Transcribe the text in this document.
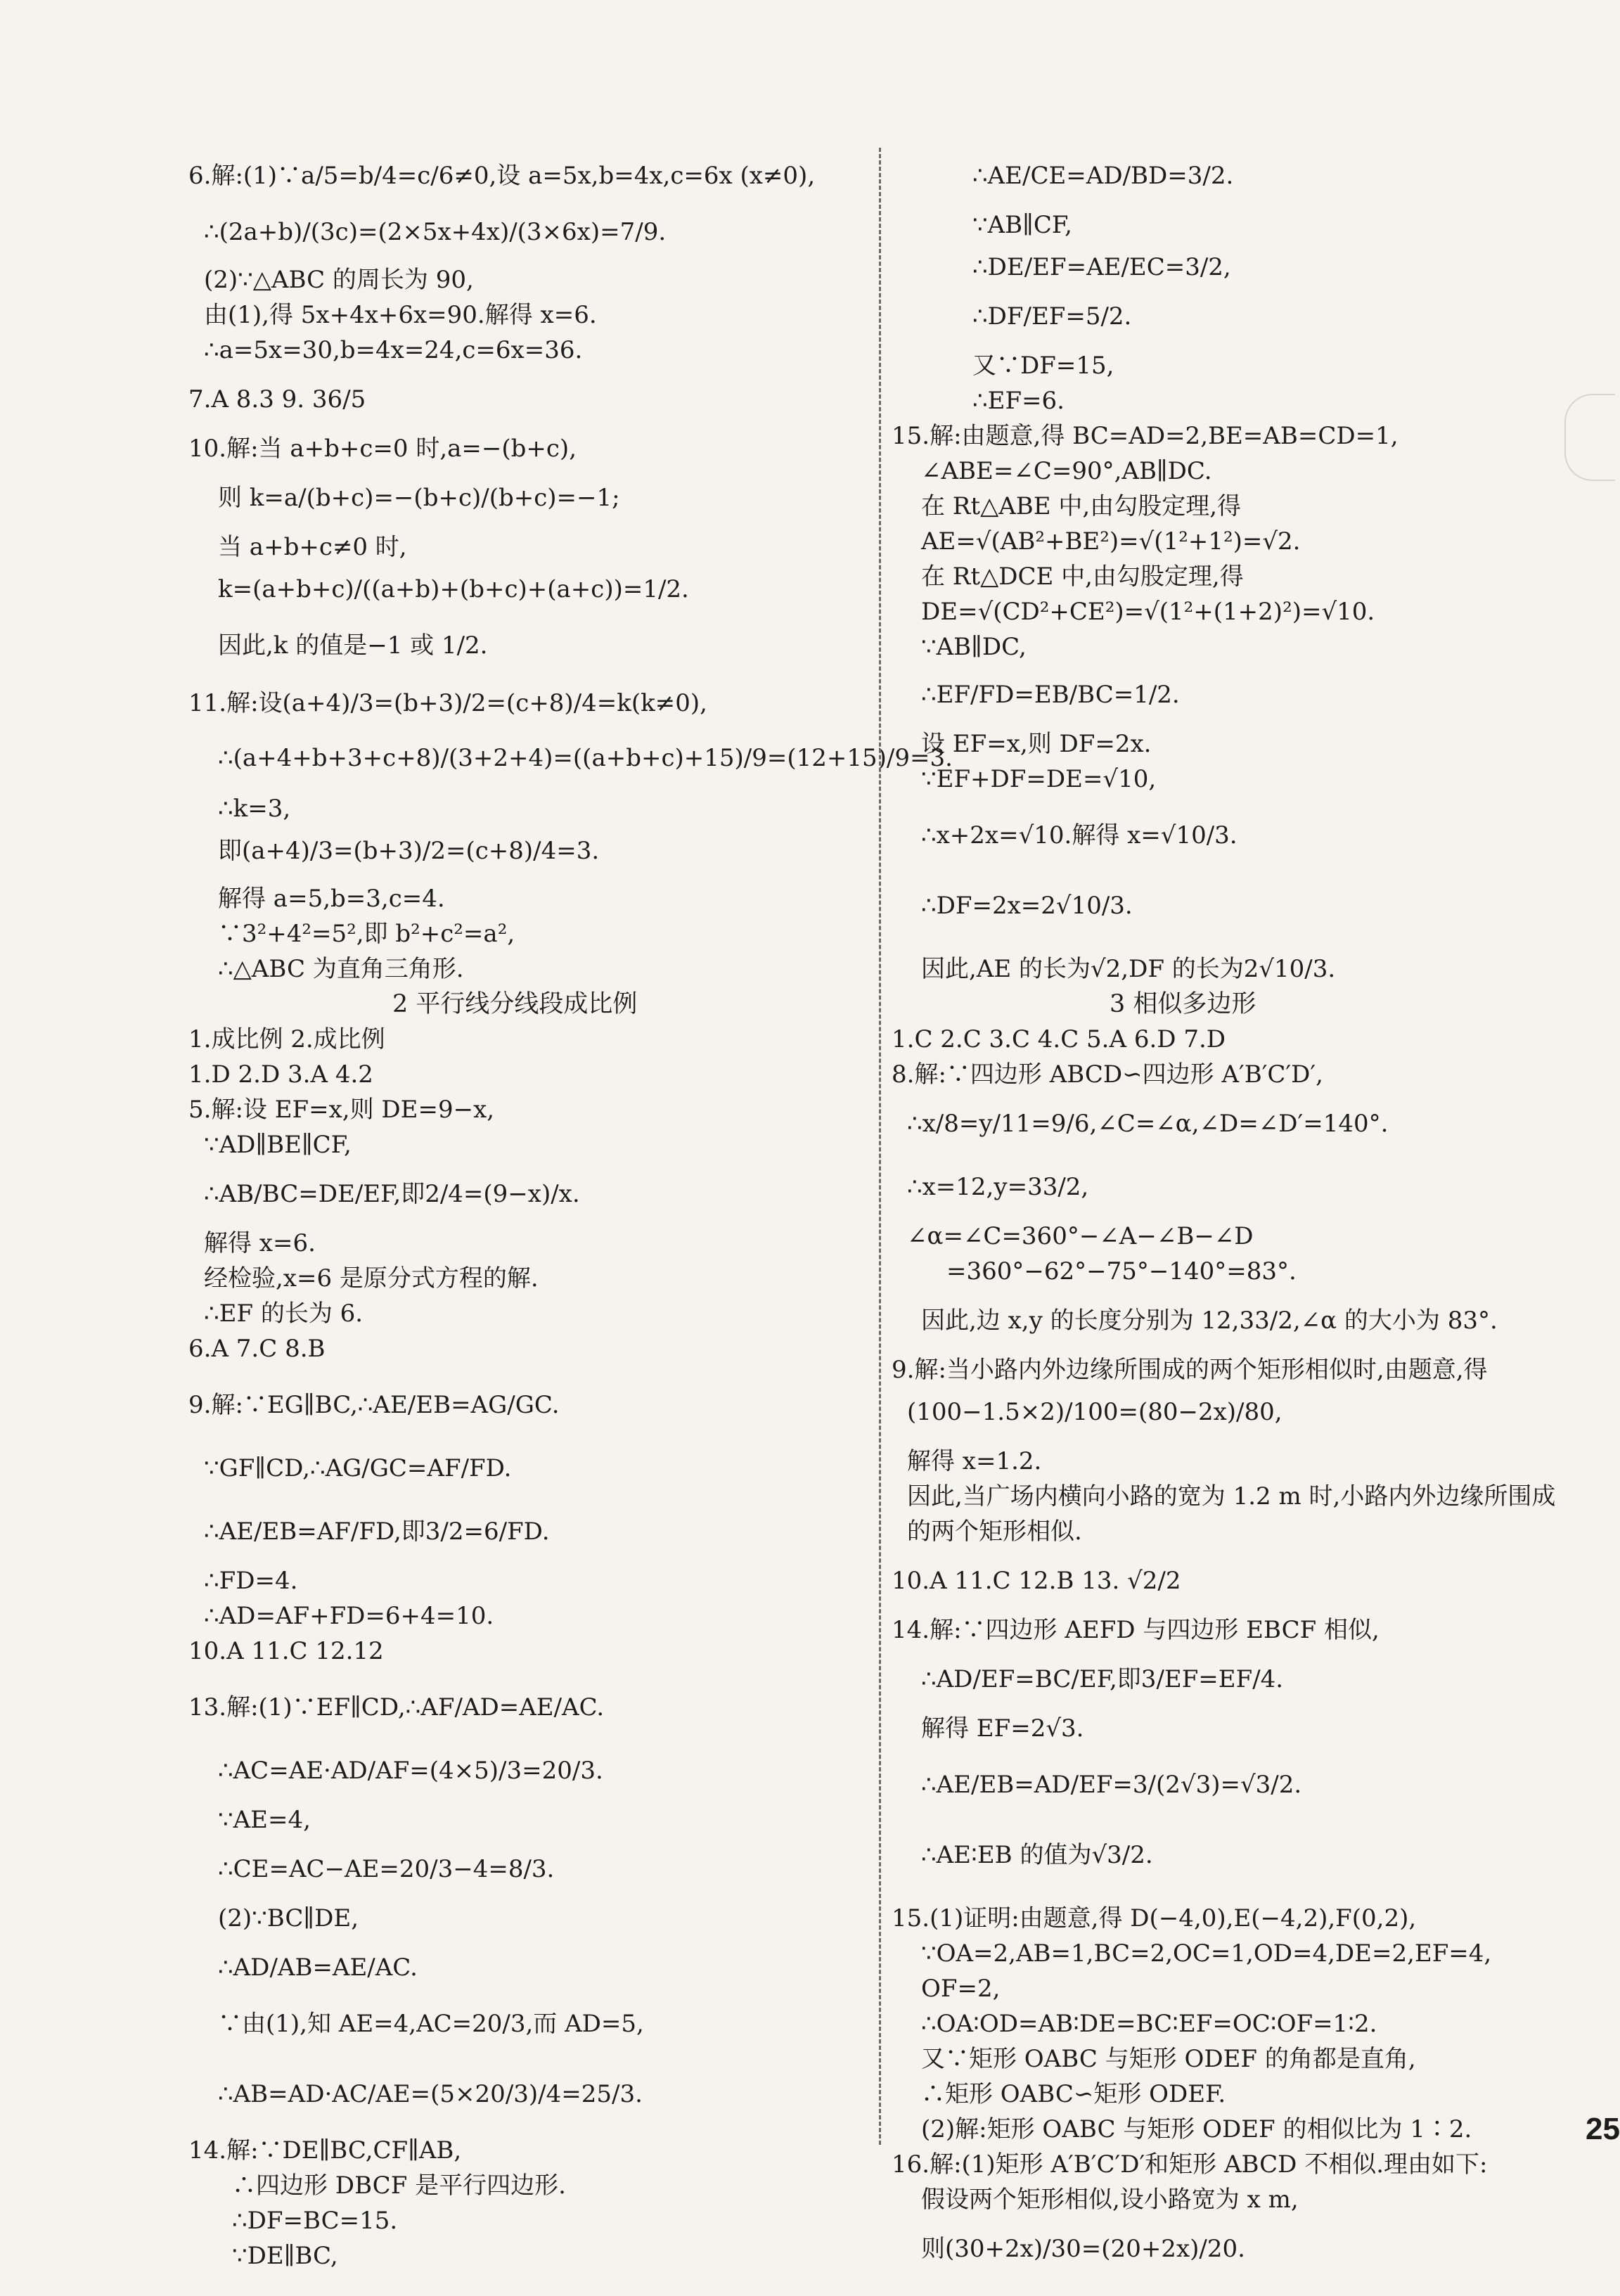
6.解:(1)∵a/5=b/4=c/6≠0,设 a=5x,b=4x,c=6x (x≠0),
∴(2a+b)/(3c)=(2×5x+4x)/(3×6x)=7/9.
(2)∵△ABC 的周长为 90,
由(1),得 5x+4x+6x=90.解得 x=6.
∴a=5x=30,b=4x=24,c=6x=36.
7.A 8.3 9. 36/5
10.解:当 a+b+c=0 时,a=−(b+c),
则 k=a/(b+c)=−(b+c)/(b+c)=−1;
当 a+b+c≠0 时,
k=(a+b+c)/((a+b)+(b+c)+(a+c))=1/2.
因此,k 的值是−1 或 1/2.
11.解:设(a+4)/3=(b+3)/2=(c+8)/4=k(k≠0),
∴(a+4+b+3+c+8)/(3+2+4)=((a+b+c)+15)/9=(12+15)/9=3.
∴k=3,
即(a+4)/3=(b+3)/2=(c+8)/4=3.
解得 a=5,b=3,c=4.
∵3²+4²=5²,即 b²+c²=a²,
∴△ABC 为直角三角形.
2 平行线分线段成比例
1.成比例 2.成比例
1.D 2.D 3.A 4.2
5.解:设 EF=x,则 DE=9−x,
∵AD∥BE∥CF,
∴AB/BC=DE/EF,即2/4=(9−x)/x.
解得 x=6.
经检验,x=6 是原分式方程的解.
∴EF 的长为 6.
6.A 7.C 8.B
9.解:∵EG∥BC,∴AE/EB=AG/GC.
∵GF∥CD,∴AG/GC=AF/FD.
∴AE/EB=AF/FD,即3/2=6/FD.
∴FD=4.
∴AD=AF+FD=6+4=10.
10.A 11.C 12.12
13.解:(1)∵EF∥CD,∴AF/AD=AE/AC.
∴AC=AE·AD/AF=(4×5)/3=20/3.
∵AE=4,
∴CE=AC−AE=20/3−4=8/3.
(2)∵BC∥DE,
∴AD/AB=AE/AC.
∵由(1),知 AE=4,AC=20/3,而 AD=5,
∴AB=AD·AC/AE=(5×20/3)/4=25/3.
14.解:∵DE∥BC,CF∥AB,
∴四边形 DBCF 是平行四边形.
∴DF=BC=15.
∵DE∥BC,
∴AE/CE=AD/BD=3/2.
∵AB∥CF,
∴DE/EF=AE/EC=3/2,
∴DF/EF=5/2.
又∵DF=15,
∴EF=6.
15.解:由题意,得 BC=AD=2,BE=AB=CD=1,
∠ABE=∠C=90°,AB∥DC.
在 Rt△ABE 中,由勾股定理,得
AE=√(AB²+BE²)=√(1²+1²)=√2.
在 Rt△DCE 中,由勾股定理,得
DE=√(CD²+CE²)=√(1²+(1+2)²)=√10.
∵AB∥DC,
∴EF/FD=EB/BC=1/2.
设 EF=x,则 DF=2x.
∵EF+DF=DE=√10,
∴x+2x=√10.解得 x=√10/3.
∴DF=2x=2√10/3.
因此,AE 的长为√2,DF 的长为2√10/3.
3 相似多边形
1.C 2.C 3.C 4.C 5.A 6.D 7.D
8.解:∵四边形 ABCD∽四边形 A′B′C′D′,
∴x/8=y/11=9/6,∠C=∠α,∠D=∠D′=140°.
∴x=12,y=33/2,
∠α=∠C=360°−∠A−∠B−∠D
=360°−62°−75°−140°=83°.
因此,边 x,y 的长度分别为 12,33/2,∠α 的大小为 83°.
9.解:当小路内外边缘所围成的两个矩形相似时,由题意,得
(100−1.5×2)/100=(80−2x)/80,
解得 x=1.2.
因此,当广场内横向小路的宽为 1.2 m 时,小路内外边缘所围成
的两个矩形相似.
10.A 11.C 12.B 13. √2/2
14.解:∵四边形 AEFD 与四边形 EBCF 相似,
∴AD/EF=BC/EF,即3/EF=EF/4.
解得 EF=2√3.
∴AE/EB=AD/EF=3/(2√3)=√3/2.
∴AE∶EB 的值为√3/2.
15.(1)证明:由题意,得 D(−4,0),E(−4,2),F(0,2),
∵OA=2,AB=1,BC=2,OC=1,OD=4,DE=2,EF=4,
OF=2,
∴OA∶OD=AB∶DE=BC∶EF=OC∶OF=1∶2.
又∵矩形 OABC 与矩形 ODEF 的角都是直角,
∴矩形 OABC∽矩形 ODEF.
(2)解:矩形 OABC 与矩形 ODEF 的相似比为 1∶2.
16.解:(1)矩形 A′B′C′D′和矩形 ABCD 不相似.理由如下:
假设两个矩形相似,设小路宽为 x m,
则(30+2x)/30=(20+2x)/20.
25
